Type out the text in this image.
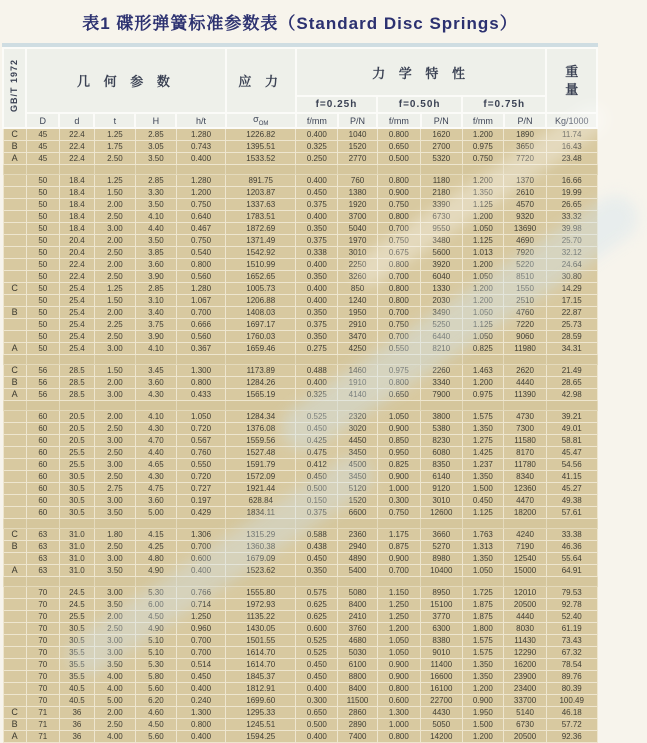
表1 碟形弹簧标准参数表（Standard Disc Springs）
GB/T 1972	几 何 参 数					应 力	力 学 特 性						重
量
							f=0.25h		f=0.50h		f=0.75h		
	D	d	t	H	h/t	$\sigma_{OM}$	f/mm	P/N	f/mm	P/N	f/mm	P/N	Kg/1000
C	45	22.4	1.25	2.85	1.280	1226.82	0.400	1040	0.800	1620	1.200	1890	11.74
B	45	22.4	1.75	3.05	0.743	1395.51	0.325	1520	0.650	2700	0.975	3650	16.43
A	45	22.4	2.50	3.50	0.400	1533.52	0.250	2770	0.500	5320	0.750	7720	23.48

	50	18.4	1.25	2.85	1.280	891.75	0.400	760	0.800	1180	1.200	1370	16.66
	50	18.4	1.50	3.30	1.200	1203.87	0.450	1380	0.900	2180	1.350	2610	19.99
	50	18.4	2.00	3.50	0.750	1337.63	0.375	1920	0.750	3390	1.125	4570	26.65
	50	18.4	2.50	4.10	0.640	1783.51	0.400	3700	0.800	6730	1.200	9320	33.32
	50	18.4	3.00	4.40	0.467	1872.69	0.350	5040	0.700	9550	1.050	13690	39.98
	50	20.4	2.00	3.50	0.750	1371.49	0.375	1970	0.750	3480	1.125	4690	25.70
	50	20.4	2.50	3.85	0.540	1542.92	0.338	3010	0.675	5600	1.013	7920	32.12
	50	22.4	2.00	3.60	0.800	1510.99	0.400	2250	0.800	3920	1.200	5220	24.64
	50	22.4	2.50	3.90	0.560	1652.65	0.350	3260	0.700	6040	1.050	8510	30.80
C	50	25.4	1.25	2.85	1.280	1005.73	0.400	850	0.800	1330	1.200	1550	14.29
	50	25.4	1.50	3.10	1.067	1206.88	0.400	1240	0.800	2030	1.200	2510	17.15
B	50	25.4	2.00	3.40	0.700	1408.03	0.350	1950	0.700	3490	1.050	4760	22.87
	50	25.4	2.25	3.75	0.666	1697.17	0.375	2910	0.750	5250	1.125	7220	25.73
	50	25.4	2.50	3.90	0.560	1760.03	0.350	3470	0.700	6440	1.050	9060	28.59
A	50	25.4	3.00	4.10	0.367	1659.46	0.275	4250	0.550	8210	0.825	11980	34.31

C	56	28.5	1.50	3.45	1.300	1173.89	0.488	1460	0.975	2260	1.463	2620	21.49
B	56	28.5	2.00	3.60	0.800	1284.26	0.400	1910	0.800	3340	1.200	4440	28.65
A	56	28.5	3.00	4.30	0.433	1565.19	0.325	4140	0.650	7900	0.975	11390	42.98

	60	20.5	2.00	4.10	1.050	1284.34	0.525	2320	1.050	3800	1.575	4730	39.21
	60	20.5	2.50	4.30	0.720	1376.08	0.450	3020	0.900	5380	1.350	7300	49.01
	60	20.5	3.00	4.70	0.567	1559.56	0.425	4450	0.850	8230	1.275	11580	58.81
	60	25.5	2.50	4.40	0.760	1527.48	0.475	3450	0.950	6080	1.425	8170	45.47
	60	25.5	3.00	4.65	0.550	1591.79	0.412	4500	0.825	8350	1.237	11780	54.56
	60	30.5	2.50	4.30	0.720	1572.09	0.450	3450	0.900	6140	1.350	8340	41.15
	60	30.5	2.75	4.75	0.727	1921.44	0.500	5120	1.000	9120	1.500	12360	45.27
	60	30.5	3.00	3.60	0.197	628.84	0.150	1520	0.300	3010	0.450	4470	49.38
	60	30.5	3.50	5.00	0.429	1834.11	0.375	6600	0.750	12600	1.125	18200	57.61

C	63	31.0	1.80	4.15	1.306	1315.29	0.588	2360	1.175	3660	1.763	4240	33.38
B	63	31.0	2.50	4.25	0.700	1360.38	0.438	2940	0.875	5270	1.313	7190	46.36
	63	31.0	3.00	4.80	0.600	1679.09	0.450	4890	0.900	8980	1.350	12540	55.64
A	63	31.0	3.50	4.90	0.400	1523.62	0.350	5400	0.700	10400	1.050	15000	64.91

	70	24.5	3.00	5.30	0.766	1555.80	0.575	5080	1.150	8950	1.725	12010	79.53
	70	24.5	3.50	6.00	0.714	1972.93	0.625	8400	1.250	15100	1.875	20500	92.78
	70	25.5	2.00	4.50	1.250	1135.22	0.625	2410	1.250	3770	1.875	4440	52.40
	70	30.5	2.50	4.90	0.960	1430.05	0.600	3760	1.200	6300	1.800	8030	61.19
	70	30.5	3.00	5.10	0.700	1501.55	0.525	4680	1.050	8380	1.575	11430	73.43
	70	35.5	3.00	5.10	0.700	1614.70	0.525	5030	1.050	9010	1.575	12290	67.32
	70	35.5	3.50	5.30	0.514	1614.70	0.450	6100	0.900	11400	1.350	16200	78.54
	70	35.5	4.00	5.80	0.450	1845.37	0.450	8800	0.900	16600	1.350	23900	89.76
	70	40.5	4.00	5.60	0.400	1812.91	0.400	8400	0.800	16100	1.200	23400	80.39
	70	40.5	5.00	6.20	0.240	1699.60	0.300	11500	0.600	22700	0.900	33700	100.49
C	71	36	2.00	4.60	1.300	1295.33	0.650	2860	1.300	4430	1.950	5140	46.18
B	71	36	2.50	4.50	0.800	1245.51	0.500	2890	1.000	5050	1.500	6730	57.72
A	71	36	4.00	5.60	0.400	1594.25	0.400	7400	0.800	14200	1.200	20500	92.36
